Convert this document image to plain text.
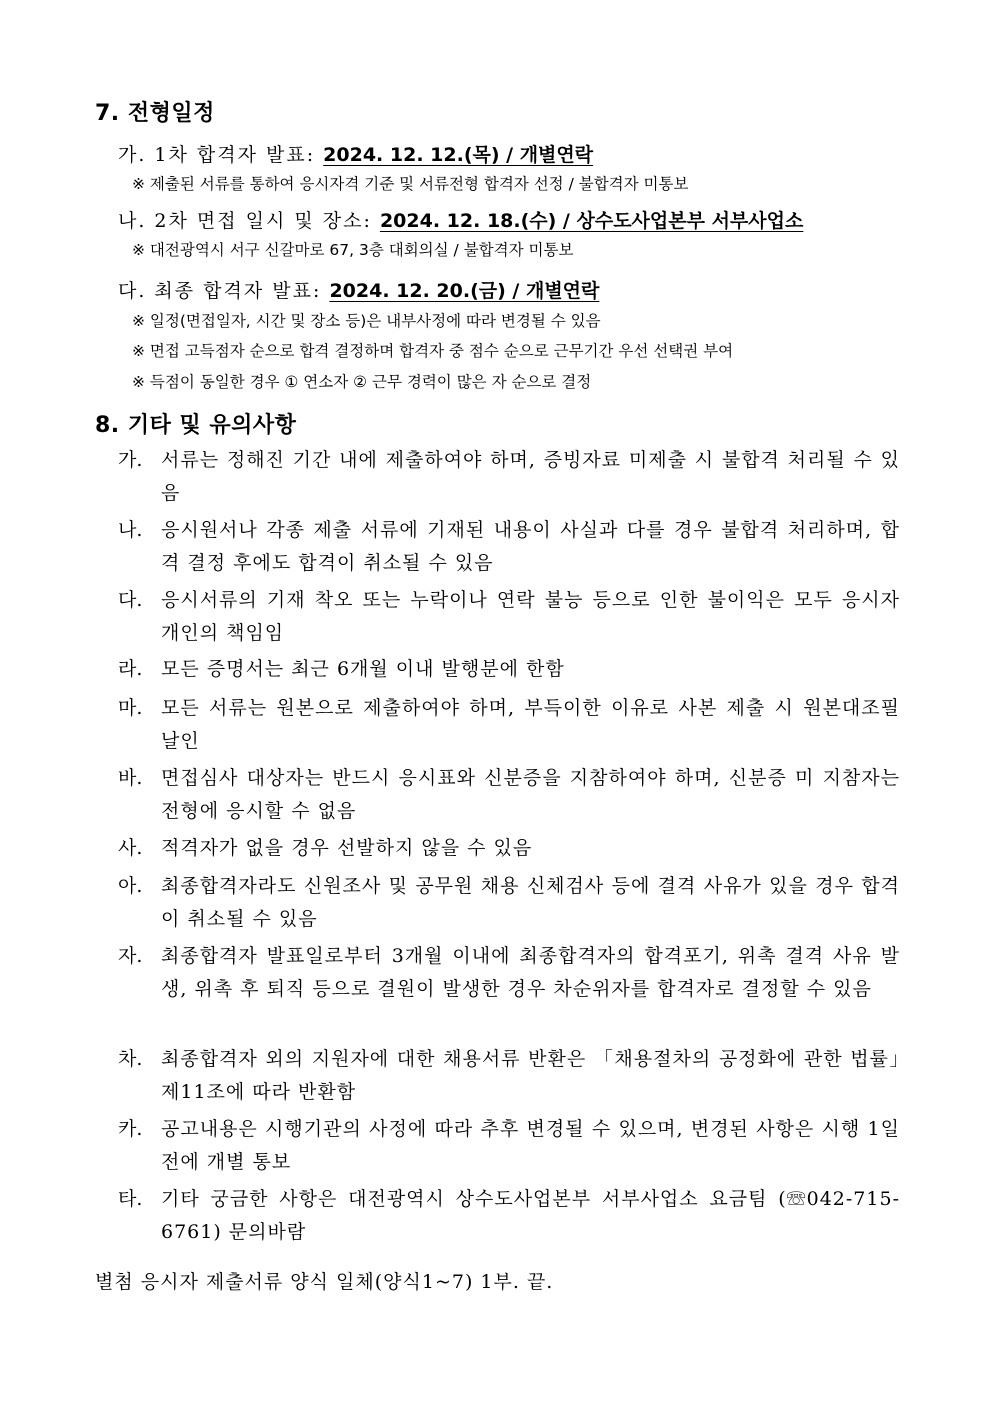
7. 전형일정
가. 1차 합격자 발표: 2024. 12. 12.(목) / 개별연락
※ 제출된 서류를 통하여 응시자격 기준 및 서류전형 합격자 선정 / 불합격자 미통보
나. 2차 면접 일시 및 장소: 2024. 12. 18.(수) / 상수도사업본부 서부사업소
※ 대전광역시 서구 신갈마로 67, 3층 대회의실 / 불합격자 미통보
다. 최종 합격자 발표: 2024. 12. 20.(금) / 개별연락
※ 일정(면접일자, 시간 및 장소 등)은 내부사정에 따라 변경될 수 있음
※ 면접 고득점자 순으로 합격 결정하며 합격자 중 점수 순으로 근무기간 우선 선택권 부여
※ 득점이 동일한 경우 ① 연소자 ② 근무 경력이 많은 자 순으로 결정
8. 기타 및 유의사항
가. 서류는 정해진 기간 내에 제출하여야 하며, 증빙자료 미제출 시 불합격 처리될 수 있음
나. 응시원서나 각종 제출 서류에 기재된 내용이 사실과 다를 경우 불합격 처리하며, 합격 결정 후에도 합격이 취소될 수 있음
다. 응시서류의 기재 착오 또는 누락이나 연락 불능 등으로 인한 불이익은 모두 응시자 개인의 책임임
라. 모든 증명서는 최근 6개월 이내 발행분에 한함
마. 모든 서류는 원본으로 제출하여야 하며, 부득이한 이유로 사본 제출 시 원본대조필 날인
바. 면접심사 대상자는 반드시 응시표와 신분증을 지참하여야 하며, 신분증 미 지참자는 전형에 응시할 수 없음
사. 적격자가 없을 경우 선발하지 않을 수 있음
아. 최종합격자라도 신원조사 및 공무원 채용 신체검사 등에 결격 사유가 있을 경우 합격이 취소될 수 있음
자. 최종합격자 발표일로부터 3개월 이내에 최종합격자의 합격포기, 위촉 결격 사유 발생, 위촉 후 퇴직 등으로 결원이 발생한 경우 차순위자를 합격자로 결정할 수 있음
차. 최종합격자 외의 지원자에 대한 채용서류 반환은 「채용절차의 공정화에 관한 법률」제11조에 따라 반환함
카. 공고내용은 시행기관의 사정에 따라 추후 변경될 수 있으며, 변경된 사항은 시행 1일 전에 개별 통보
타. 기타 궁금한 사항은 대전광역시 상수도사업본부 서부사업소 요금팀 (☏042-715-6761) 문의바람
별첨 응시자 제출서류 양식 일체(양식1~7) 1부. 끝.
